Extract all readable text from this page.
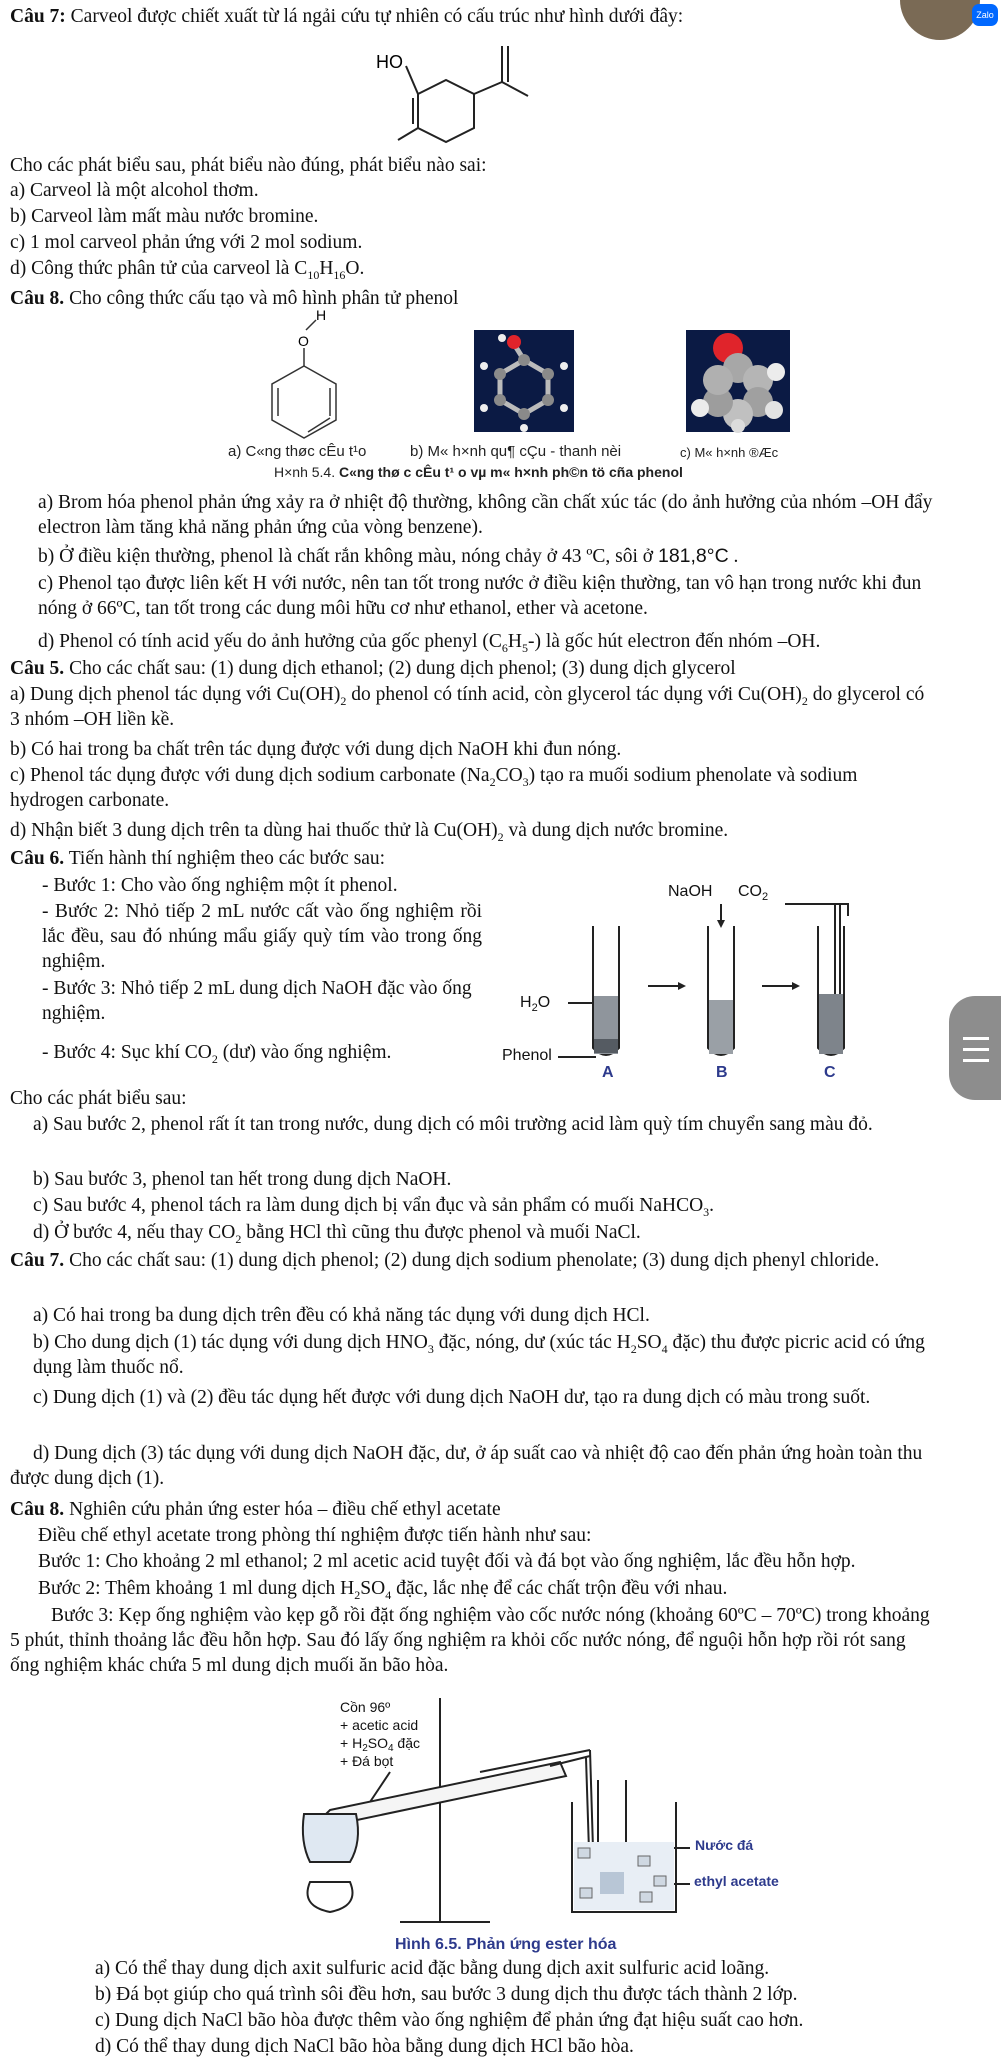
Zalo

Câu 7: Carveol được chiết xuất từ lá ngải cứu tự nhiên có cấu trúc như hình dưới đây:

HO

Cho các phát biểu sau, phát biểu nào đúng, phát biểu nào sai:

a) Carveol là một alcohol thơm.

b) Carveol làm mất màu nước bromine.

c) 1 mol carveol phản ứng với 2 mol sodium.

d) Công thức phân tử của carveol là $C_{10}H_{16}O$.

Câu 8. Cho công thức cấu tạo và mô hình phân tử phenol

H
O
a) C«ng thøc cÊu t¹o	b) M« h×nh qu¶ cÇu - thanh nèi	c) M« h×nh ®Æc
H×nh 5.4. C«ng thø c cÊu t¹ o vµ m« h×nh ph©n tö cña phenol

a) Brom hóa phenol phản ứng xảy ra ở nhiệt độ thường, không cần chất xúc tác (do ảnh hưởng của nhóm –OH đẩy electron làm tăng khả năng phản ứng của vòng benzene).

b) Ở điều kiện thường, phenol là chất rắn không màu, nóng chảy ở 43 ºC, sôi ở 181,8°C .

c) Phenol tạo được liên kết H với nước, nên tan tốt trong nước ở điều kiện thường, tan vô hạn trong nước khi đun nóng ở 66ºC, tan tốt trong các dung môi hữu cơ như ethanol, ether và acetone.

d) Phenol có tính acid yếu do ảnh hưởng của gốc phenyl $(C_6H_5-)$ là gốc hút electron đến nhóm –OH.

Câu 5. Cho các chất sau: (1) dung dịch ethanol; (2) dung dịch phenol; (3) dung dịch glycerol

a) Dung dịch phenol tác dụng với $Cu(OH)_2$ do phenol có tính acid, còn glycerol tác dụng với $Cu(OH)_2$ do glycerol có 3 nhóm –OH liền kề.

b) Có hai trong ba chất trên tác dụng được với dung dịch NaOH khi đun nóng.

c) Phenol tác dụng được với dung dịch sodium carbonate $(Na_2CO_3)$ tạo ra muối sodium phenolate và sodium hydrogen carbonate.

d) Nhận biết 3 dung dịch trên ta dùng hai thuốc thử là $Cu(OH)_2$ và dung dịch nước bromine.

Câu 6. Tiến hành thí nghiệm theo các bước sau:

- Bước 1: Cho vào ống nghiệm một ít phenol.

- Bước 2: Nhỏ tiếp 2 mL nước cất vào ống nghiệm rồi lắc đều, sau đó nhúng mẩu giấy quỳ tím vào trong ống nghiệm.

- Bước 3: Nhỏ tiếp 2 mL dung dịch NaOH đặc vào ống nghiệm.

- Bước 4: Sục khí $CO_2$ (dư) vào ống nghiệm.

NaOH $CO_2$
$H_2O$
Phenol
A	B	C

Cho các phát biểu sau:

a) Sau bước 2, phenol rất ít tan trong nước, dung dịch có môi trường acid làm quỳ tím chuyển sang màu đỏ.

b) Sau bước 3, phenol tan hết trong dung dịch NaOH.

c) Sau bước 4, phenol tách ra làm dung dịch bị vẩn đục và sản phẩm có muối NaHCO$_3$.

d) Ở bước 4, nếu thay $CO_2$ bằng HCl thì cũng thu được phenol và muối NaCl.

Câu 7. Cho các chất sau: (1) dung dịch phenol; (2) dung dịch sodium phenolate; (3) dung dịch phenyl chloride.

a) Có hai trong ba dung dịch trên đều có khả năng tác dụng với dung dịch HCl.

b) Cho dung dịch (1) tác dụng với dung dịch $HNO_3$ đặc, nóng, dư (xúc tác $H_2SO_4$ đặc) thu được picric acid có ứng dụng làm thuốc nổ.

c) Dung dịch (1) và (2) đều tác dụng hết được với dung dịch NaOH dư, tạo ra dung dịch có màu trong suốt.

d) Dung dịch (3) tác dụng với dung dịch NaOH đặc, dư, ở áp suất cao và nhiệt độ cao đến phản ứng hoàn toàn thu được dung dịch (1).

Câu 8. Nghiên cứu phản ứng ester hóa – điều chế ethyl acetate

Điều chế ethyl acetate trong phòng thí nghiệm được tiến hành như sau:

Bước 1: Cho khoảng 2 ml ethanol; 2 ml acetic acid tuyệt đối và đá bọt vào ống nghiệm, lắc đều hỗn hợp.

Bước 2: Thêm khoảng 1 ml dung dịch $H_2SO_4$ đặc, lắc nhẹ để các chất trộn đều với nhau.

Bước 3: Kẹp ống nghiệm vào kẹp gỗ rồi đặt ống nghiệm vào cốc nước nóng (khoảng 60ºC – 70ºC) trong khoảng 5 phút, thỉnh thoảng lắc đều hỗn hợp. Sau đó lấy ống nghiệm ra khỏi cốc nước nóng, để nguội hỗn hợp rồi rót sang ống nghiệm khác chứa 5 ml dung dịch muối ăn bão hòa.

Cồn 96º
+ acetic acid
+ $H_2SO_4$ đặc
+ Đá bọt
Nước đá
ethyl acetate
Hình 6.5. Phản ứng ester hóa

a) Có thể thay dung dịch axit sulfuric acid đặc bằng dung dịch axit sulfuric acid loãng.

b) Đá bọt giúp cho quá trình sôi đều hơn, sau bước 3 dung dịch thu được tách thành 2 lớp.

c) Dung dịch NaCl bão hòa được thêm vào ống nghiệm để phản ứng đạt hiệu suất cao hơn.

d) Có thể thay dung dịch NaCl bão hòa bằng dung dịch HCl bão hòa.
